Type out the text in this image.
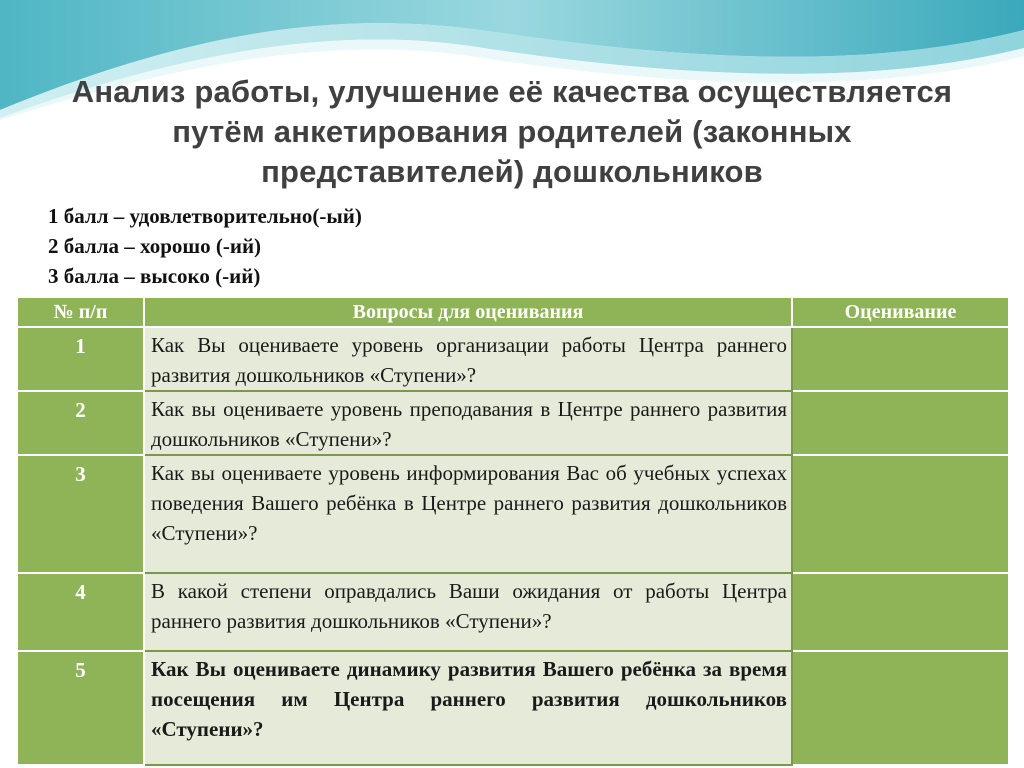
Анализ работы, улучшение её качества осуществляется
путём анкетирования родителей (законных
представителей) дошкольников
1 балл – удовлетворительно(-ый)
2 балла – хорошо (-ий)
3 балла – высоко (-ий)
№ п/п	Вопросы для оценивания	Оценивание
1	Как Вы оцениваете уровень организации работы Центра раннего развития дошкольников «Ступени»?	
2	Как вы оцениваете уровень преподавания в Центре раннего развития дошкольников «Ступени»?	
3	Как вы оцениваете уровень информирования Вас об учебных успехах поведения Вашего ребёнка в Центре раннего развития дошкольников «Ступени»?	
4	В какой степени оправдались Ваши ожидания от работы Центра раннего развития дошкольников «Ступени»?	
5	Как Вы оцениваете динамику развития Вашего ребёнка за время посещения им Центра раннего развития дошкольников «Ступени»?	
